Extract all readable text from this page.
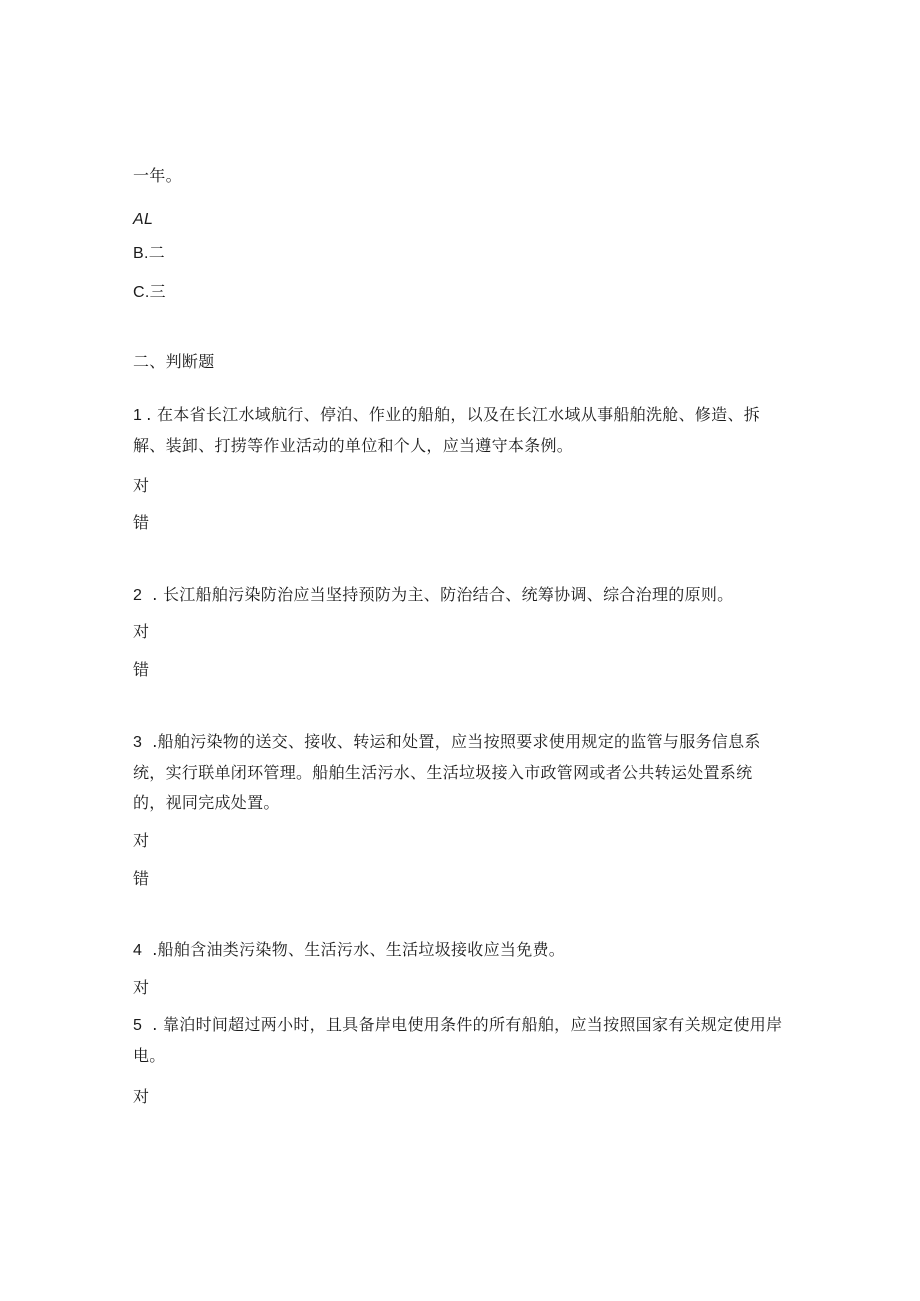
一年。
AL
B.二
C.三
二、判断题
1 . 在本省长江水域航行、停泊、作业的船舶，以及在长江水域从事船舶洗舱、修造、拆解、装卸、打捞等作业活动的单位和个人，应当遵守本条例。
对
错
2 . 长江船舶污染防治应当坚持预防为主、防治结合、统筹协调、综合治理的原则。
对
错
3 .船舶污染物的送交、接收、转运和处置，应当按照要求使用规定的监管与服务信息系统，实行联单闭环管理。船舶生活污水、生活垃圾接入市政管网或者公共转运处置系统的，视同完成处置。
对
错
4 .船舶含油类污染物、生活污水、生活垃圾接收应当免费。
对
5 . 靠泊时间超过两小时，且具备岸电使用条件的所有船舶，应当按照国家有关规定使用岸电。
对
